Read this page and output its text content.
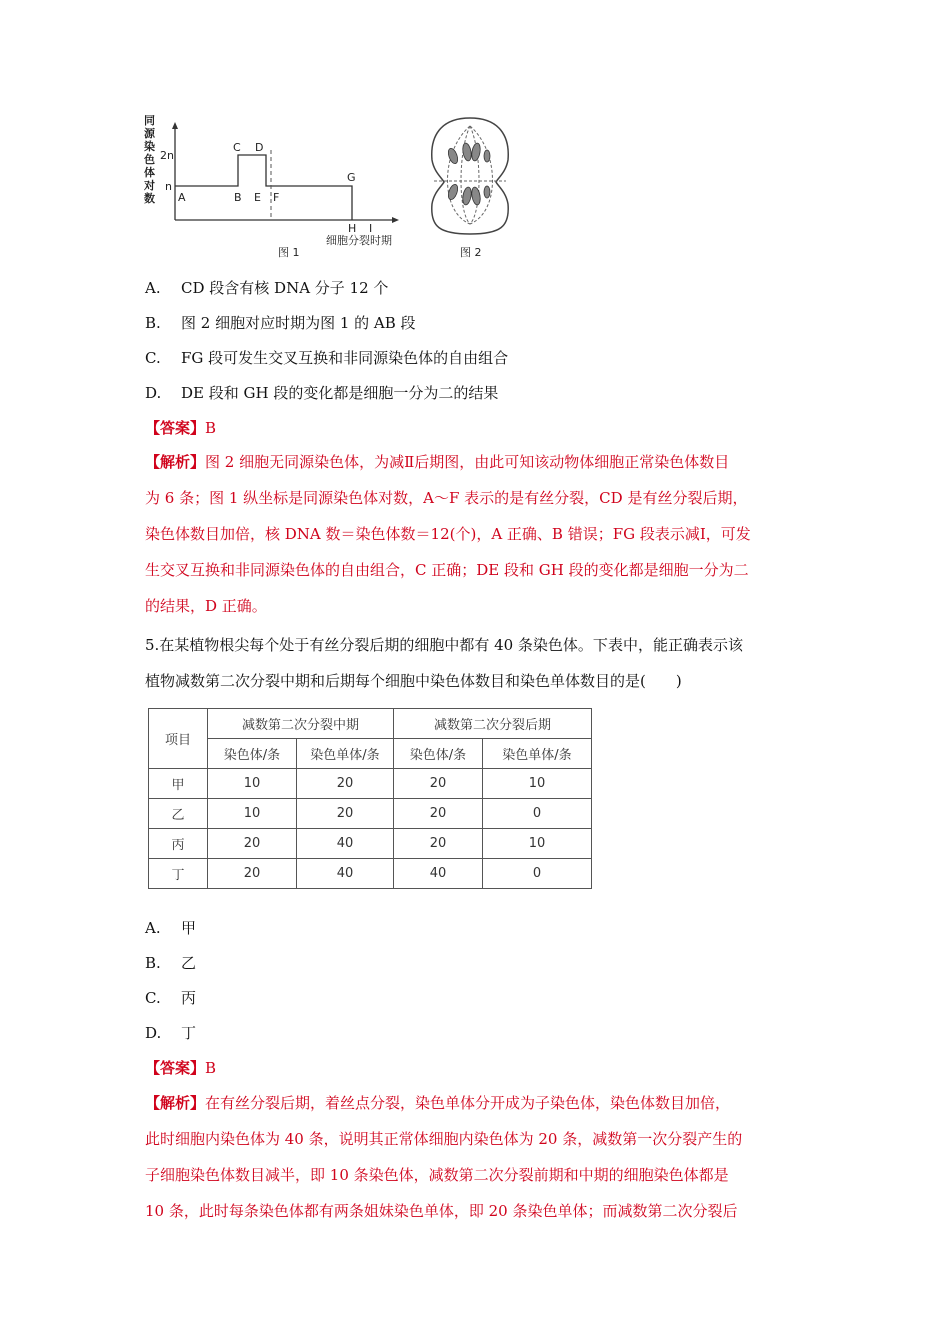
同
源
染
色
体
对
数
2n
n
A	B
C D
E F
G
H I
细胞分裂时期
图 1	图 2
A. CD 段含有核 DNA 分子 12 个
B. 图 2 细胞对应时期为图 1 的 AB 段
C. FG 段可发生交叉互换和非同源染色体的自由组合
D. DE 段和 GH 段的变化都是细胞一分为二的结果
【答案】B
【解析】图 2 细胞无同源染色体，为减Ⅱ后期图，由此可知该动物体细胞正常染色体数目
为 6 条；图 1 纵坐标是同源染色体对数，A～F 表示的是有丝分裂，CD 是有丝分裂后期，
染色体数目加倍，核 DNA 数＝染色体数＝12(个)，A 正确、B 错误；FG 段表示减Ⅰ，可发
生交叉互换和非同源染色体的自由组合，C 正确；DE 段和 GH 段的变化都是细胞一分为二
的结果，D 正确。
5.在某植物根尖每个处于有丝分裂后期的细胞中都有 40 条染色体。下表中，能正确表示该
植物减数第二次分裂中期和后期每个细胞中染色体数目和染色单体数目的是(　　)
项目	减数第二次分裂中期		减数第二次分裂后期	
	染色体/条	染色单体/条	染色体/条	染色单体/条
甲	10	20	20	10
乙	10	20	20	0
丙	20	40	20	10
丁	20	40	40	0
A. 甲
B. 乙
C. 丙
D. 丁
【答案】B
【解析】在有丝分裂后期，着丝点分裂，染色单体分开成为子染色体，染色体数目加倍，
此时细胞内染色体为 40 条，说明其正常体细胞内染色体为 20 条，减数第一次分裂产生的
子细胞染色体数目减半，即 10 条染色体，减数第二次分裂前期和中期的细胞染色体都是
10 条，此时每条染色体都有两条姐妹染色单体，即 20 条染色单体；而减数第二次分裂后
